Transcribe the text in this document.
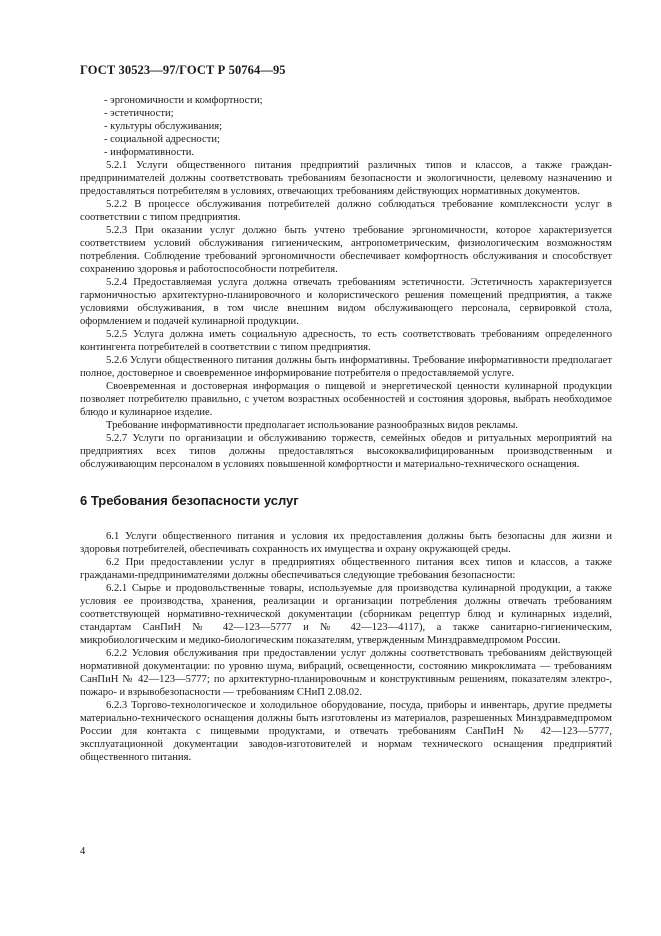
ГОСТ 30523—97/ГОСТ Р 50764—95

- эргономичности и комфортности;

- эстетичности;

- культуры обслуживания;

- социальной адресности;

- информативности.

5.2.1 Услуги общественного питания предприятий различных типов и классов, а также граждан-предпринимателей должны соответствовать требованиям безопасности и экологичности, целевому назначению и предоставляться потребителям в условиях, отвечающих требованиям действующих нормативных документов.

5.2.2 В процессе обслуживания потребителей должно соблюдаться требование комплексности услуг в соответствии с типом предприятия.

5.2.3 При оказании услуг должно быть учтено требование эргономичности, которое характеризуется соответствием условий обслуживания гигиеническим, антропометрическим, физиологическим возможностям потребления. Соблюдение требований эргономичности обеспечивает комфортность обслуживания и способствует сохранению здоровья и работоспособности потребителя.

5.2.4 Предоставляемая услуга должна отвечать требованиям эстетичности. Эстетичность характеризуется гармоничностью архитектурно-планировочного и колористического решения помещений предприятия, а также условиями обслуживания, в том числе внешним видом обслуживающего персонала, сервировкой стола, оформлением и подачей кулинарной продукции.

5.2.5 Услуга должна иметь социальную адресность, то есть соответствовать требованиям определенного контингента потребителей в соответствии с типом предприятия.

5.2.6 Услуги общественного питания должны быть информативны. Требование информативности предполагает полное, достоверное и своевременное информирование потребителя о предоставляемой услуге.

Своевременная и достоверная информация о пищевой и энергетической ценности кулинарной продукции позволяет потребителю правильно, с учетом возрастных особенностей и состояния здоровья, выбрать необходимое блюдо и кулинарное изделие.

Требование информативности предполагает использование разнообразных видов рекламы.

5.2.7 Услуги по организации и обслуживанию торжеств, семейных обедов и ритуальных мероприятий на предприятиях всех типов должны предоставляться высококвалифицированным производственным и обслуживающим персоналом в условиях повышенной комфортности и материально-технического оснащения.

6 Требования безопасности услуг

6.1 Услуги общественного питания и условия их предоставления должны быть безопасны для жизни и здоровья потребителей, обеспечивать сохранность их имущества и охрану окружающей среды.

6.2 При предоставлении услуг в предприятиях общественного питания всех типов и классов, а также гражданами-предпринимателями должны обеспечиваться следующие требования безопасности:

6.2.1 Сырье и продовольственные товары, используемые для производства кулинарной продукции, а также условия ее производства, хранения, реализации и организации потребления должны отвечать требованиям соответствующей нормативно-технической документации (сборникам рецептур блюд и кулинарных изделий, стандартам СанПиН № 42—123—5777 и № 42—123—4117), а также санитарно-гигиеническим, микробиологическим и медико-биологическим показателям, утвержденным Минздравмедпромом России.

6.2.2 Условия обслуживания при предоставлении услуг должны соответствовать требованиям действующей нормативной документации: по уровню шума, вибраций, освещенности, состоянию микроклимата — требованиям СанПиН № 42—123—5777; по архитектурно-планировочным и конструктивным решениям, показателям электро-, пожаро- и взрывобезопасности — требованиям СНиП 2.08.02.

6.2.3 Торгово-технологическое и холодильное оборудование, посуда, приборы и инвентарь, другие предметы материально-технического оснащения должны быть изготовлены из материалов, разрешенных Минздравмедпромом России для контакта с пищевыми продуктами, и отвечать требованиям СанПиН № 42—123—5777, эксплуатационной документации заводов-изготовителей и нормам технического оснащения предприятий общественного питания.

4
